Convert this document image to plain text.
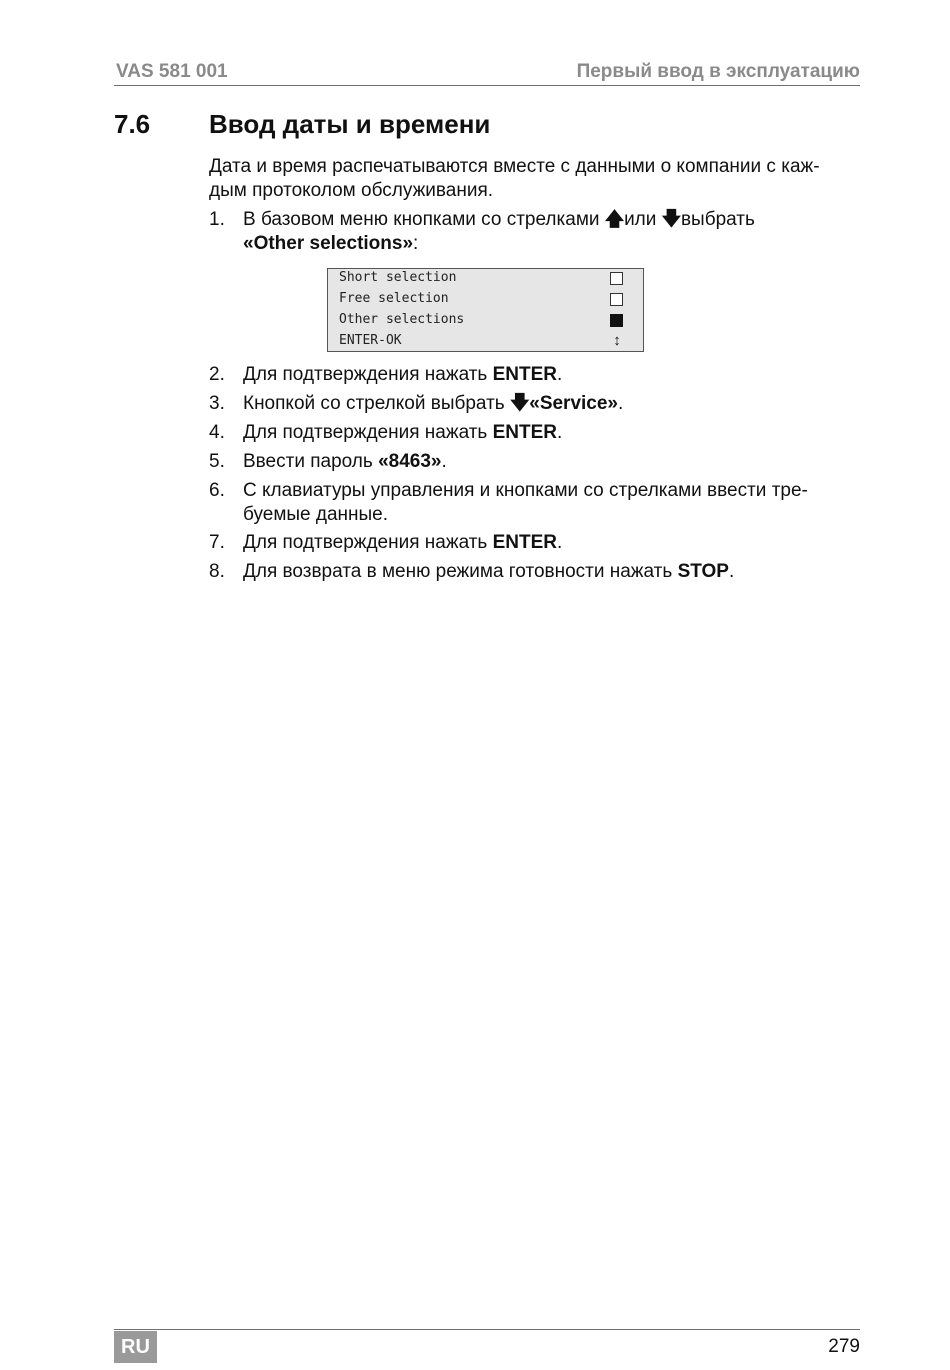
VAS 581 001	Первый ввод в эксплуатацию
7.6 Ввод даты и времени

Дата и время распечатываются вместе с данными о компании с каж-
дым протоколом обслуживания.

1. В базовом меню кнопками со стрелками 🡅 или 🡇 выбрать
«Other selections»:
Short selection
Free selection
Other selections
ENTER-OK	↕
2. Для подтверждения нажать ENTER.
3. Кнопкой со стрелкой выбрать 🡇 «Service».
4. Для подтверждения нажать ENTER.
5. Ввести пароль «8463».
6. С клавиатуры управления и кнопками со стрелками ввести тре-
буемые данные.
7. Для подтверждения нажать ENTER.
8. Для возврата в меню режима готовности нажать STOP.
RU	279
